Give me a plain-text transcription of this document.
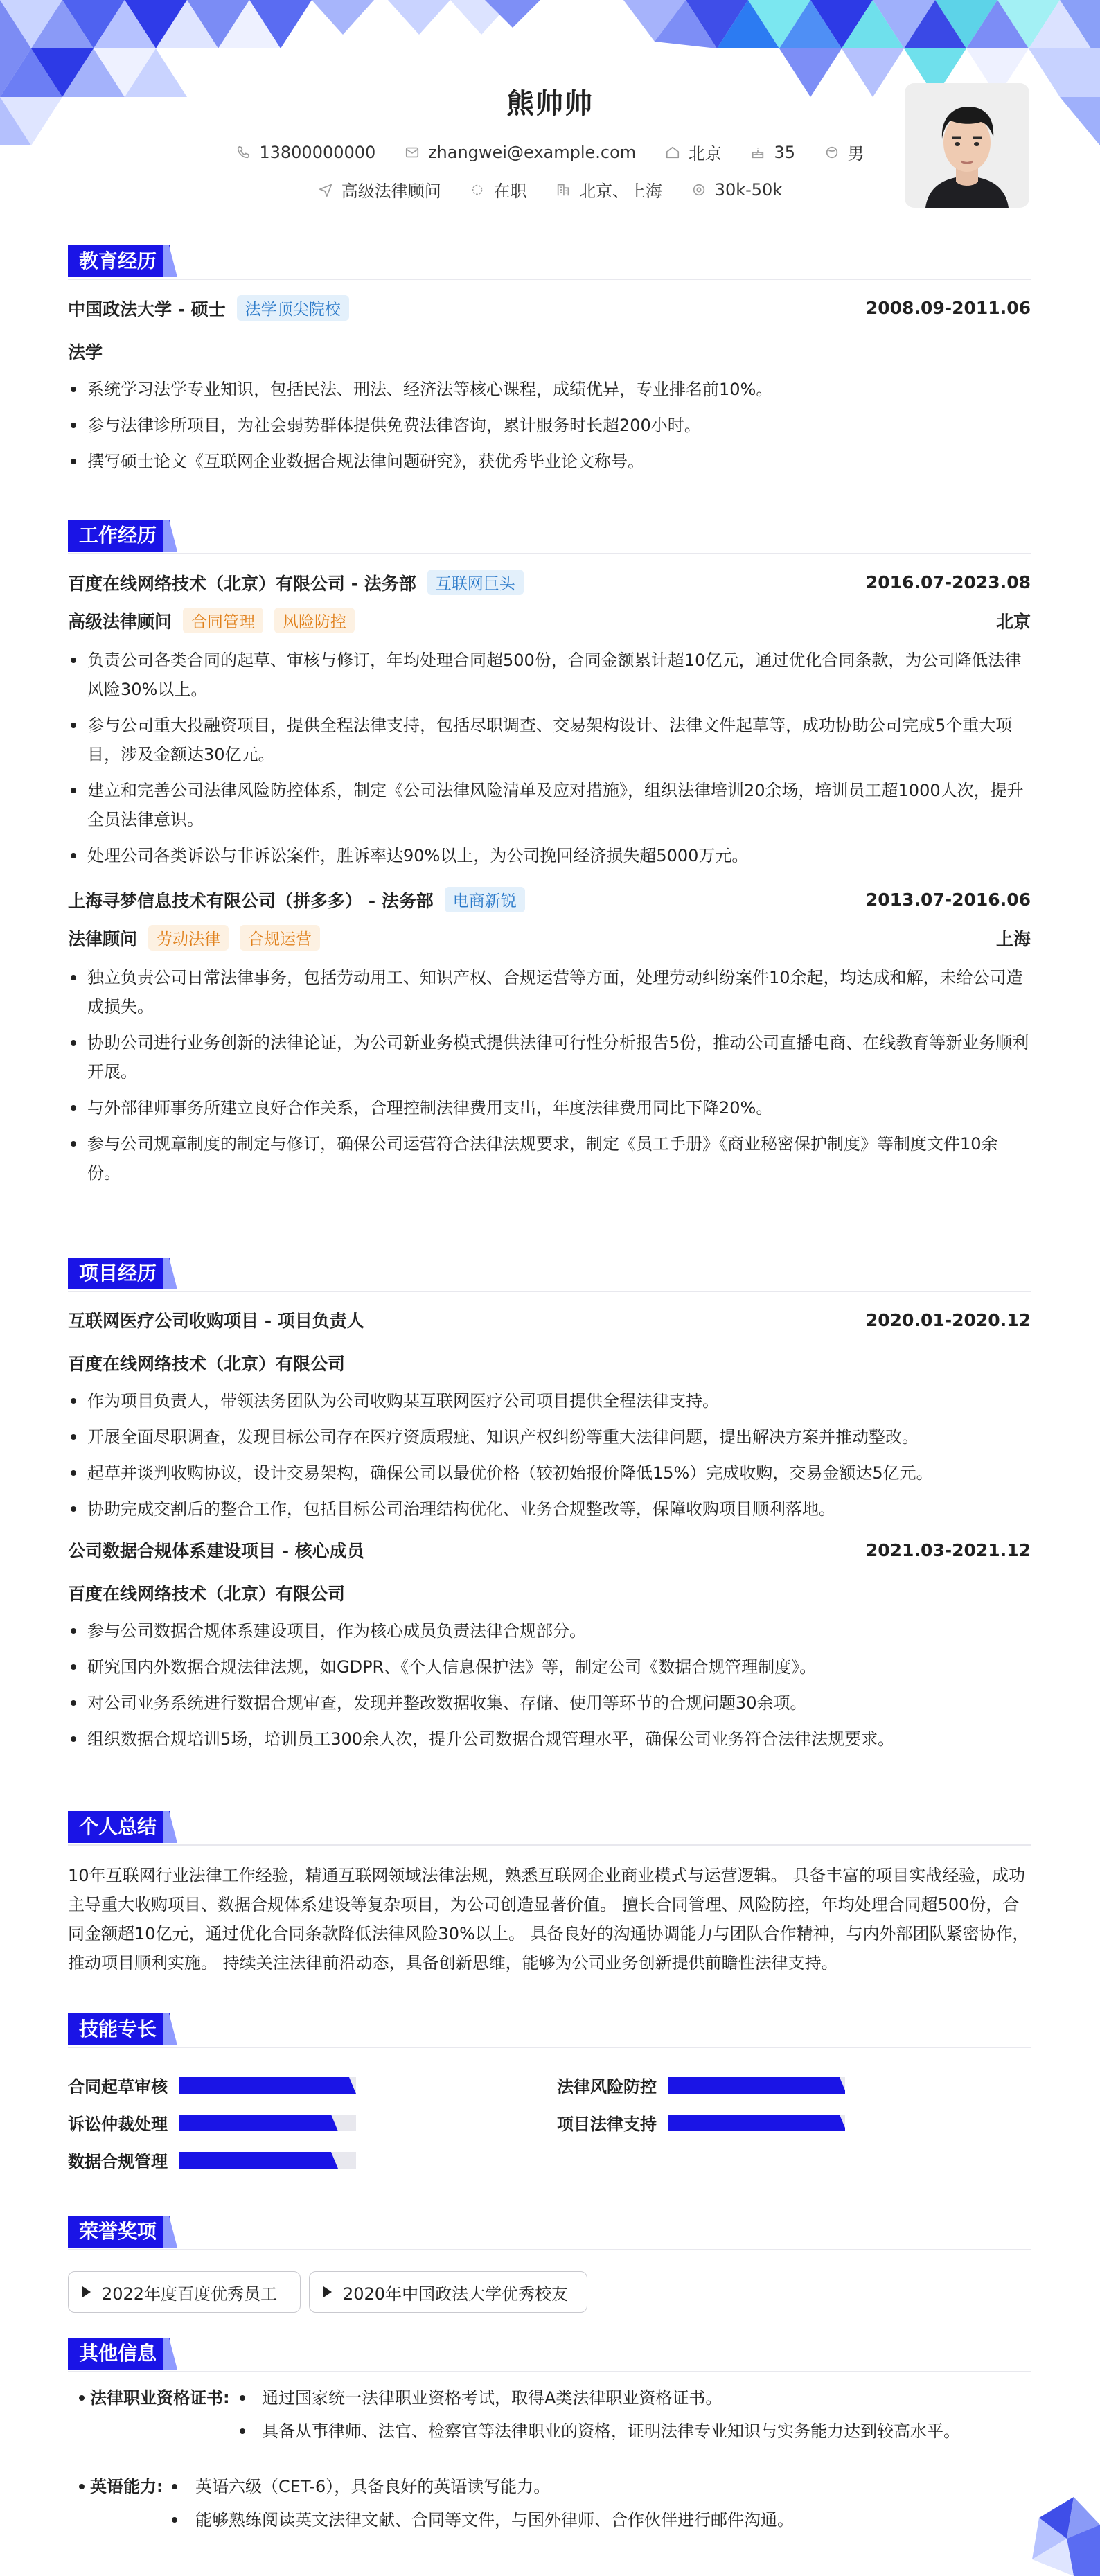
熊帅帅
13800000000
	zhangwei@example.com
	北京
	35
	男
高级法律顾问
	在职
	北京、上海
	30k-50k
教育经历
中国政法大学 - 硕士	法学顶尖院校	2008.09-2011.06
法学
系统学习法学专业知识，包括民法、刑法、经济法等核心课程，成绩优异，专业排名前10%。
参与法律诊所项目，为社会弱势群体提供免费法律咨询，累计服务时长超200小时。
撰写硕士论文《互联网企业数据合规法律问题研究》，获优秀毕业论文称号。
工作经历
百度在线网络技术（北京）有限公司 - 法务部	互联网巨头	2016.07-2023.08
高级法律顾问	合同管理	风险防控	北京
负责公司各类合同的起草、审核与修订，年均处理合同超500份，合同金额累计超10亿元，通过优化合同条款，为公司降低法律风险30%以上。
参与公司重大投融资项目，提供全程法律支持，包括尽职调查、交易架构设计、法律文件起草等，成功协助公司完成5个重大项目，涉及金额达30亿元。
建立和完善公司法律风险防控体系，制定《公司法律风险清单及应对措施》，组织法律培训20余场，培训员工超1000人次，提升全员法律意识。
处理公司各类诉讼与非诉讼案件，胜诉率达90%以上，为公司挽回经济损失超5000万元。
上海寻梦信息技术有限公司（拼多多） - 法务部	电商新锐	2013.07-2016.06
法律顾问	劳动法律	合规运营	上海
独立负责公司日常法律事务，包括劳动用工、知识产权、合规运营等方面，处理劳动纠纷案件10余起，均达成和解，未给公司造成损失。
协助公司进行业务创新的法律论证，为公司新业务模式提供法律可行性分析报告5份，推动公司直播电商、在线教育等新业务顺利开展。
与外部律师事务所建立良好合作关系，合理控制法律费用支出，年度法律费用同比下降20%。
参与公司规章制度的制定与修订，确保公司运营符合法律法规要求，制定《员工手册》《商业秘密保护制度》等制度文件10余份。
项目经历
互联网医疗公司收购项目 - 项目负责人	2020.01-2020.12
百度在线网络技术（北京）有限公司
作为项目负责人，带领法务团队为公司收购某互联网医疗公司项目提供全程法律支持。
开展全面尽职调查，发现目标公司存在医疗资质瑕疵、知识产权纠纷等重大法律问题，提出解决方案并推动整改。
起草并谈判收购协议，设计交易架构，确保公司以最优价格（较初始报价降低15%）完成收购，交易金额达5亿元。
协助完成交割后的整合工作，包括目标公司治理结构优化、业务合规整改等，保障收购项目顺利落地。
公司数据合规体系建设项目 - 核心成员	2021.03-2021.12
百度在线网络技术（北京）有限公司
参与公司数据合规体系建设项目，作为核心成员负责法律合规部分。
研究国内外数据合规法律法规，如GDPR、《个人信息保护法》等，制定公司《数据合规管理制度》。
对公司业务系统进行数据合规审查，发现并整改数据收集、存储、使用等环节的合规问题30余项。
组织数据合规培训5场，培训员工300余人次，提升公司数据合规管理水平，确保公司业务符合法律法规要求。
个人总结

10年互联网行业法律工作经验，精通互联网领域法律法规，熟悉互联网企业商业模式与运营逻辑。 具备丰富的项目实战经验，成功

主导重大收购项目、数据合规体系建设等复杂项目，为公司创造显著价值。 擅长合同管理、风险防控，年均处理合同超500份，合

同金额超10亿元，通过优化合同条款降低法律风险30%以上。 具备良好的沟通协调能力与团队合作精神，与内外部团队紧密协作，

推动项目顺利实施。 持续关注法律前沿动态，具备创新思维，能够为公司业务创新提供前瞻性法律支持。

技能专长
合同起草审核	法律风险防控
诉讼仲裁处理	项目法律支持
数据合规管理
荣誉奖项
2022年度百度优秀员工	2020年中国政法大学优秀校友
其他信息
法律职业资格证书: 通过国家统一法律职业资格考试，取得A类法律职业资格证书。
具备从事律师、法官、检察官等法律职业的资格，证明法律专业知识与实务能力达到较高水平。
英语能力: 英语六级（CET-6），具备良好的英语读写能力。
能够熟练阅读英文法律文献、合同等文件，与国外律师、合作伙伴进行邮件沟通。
